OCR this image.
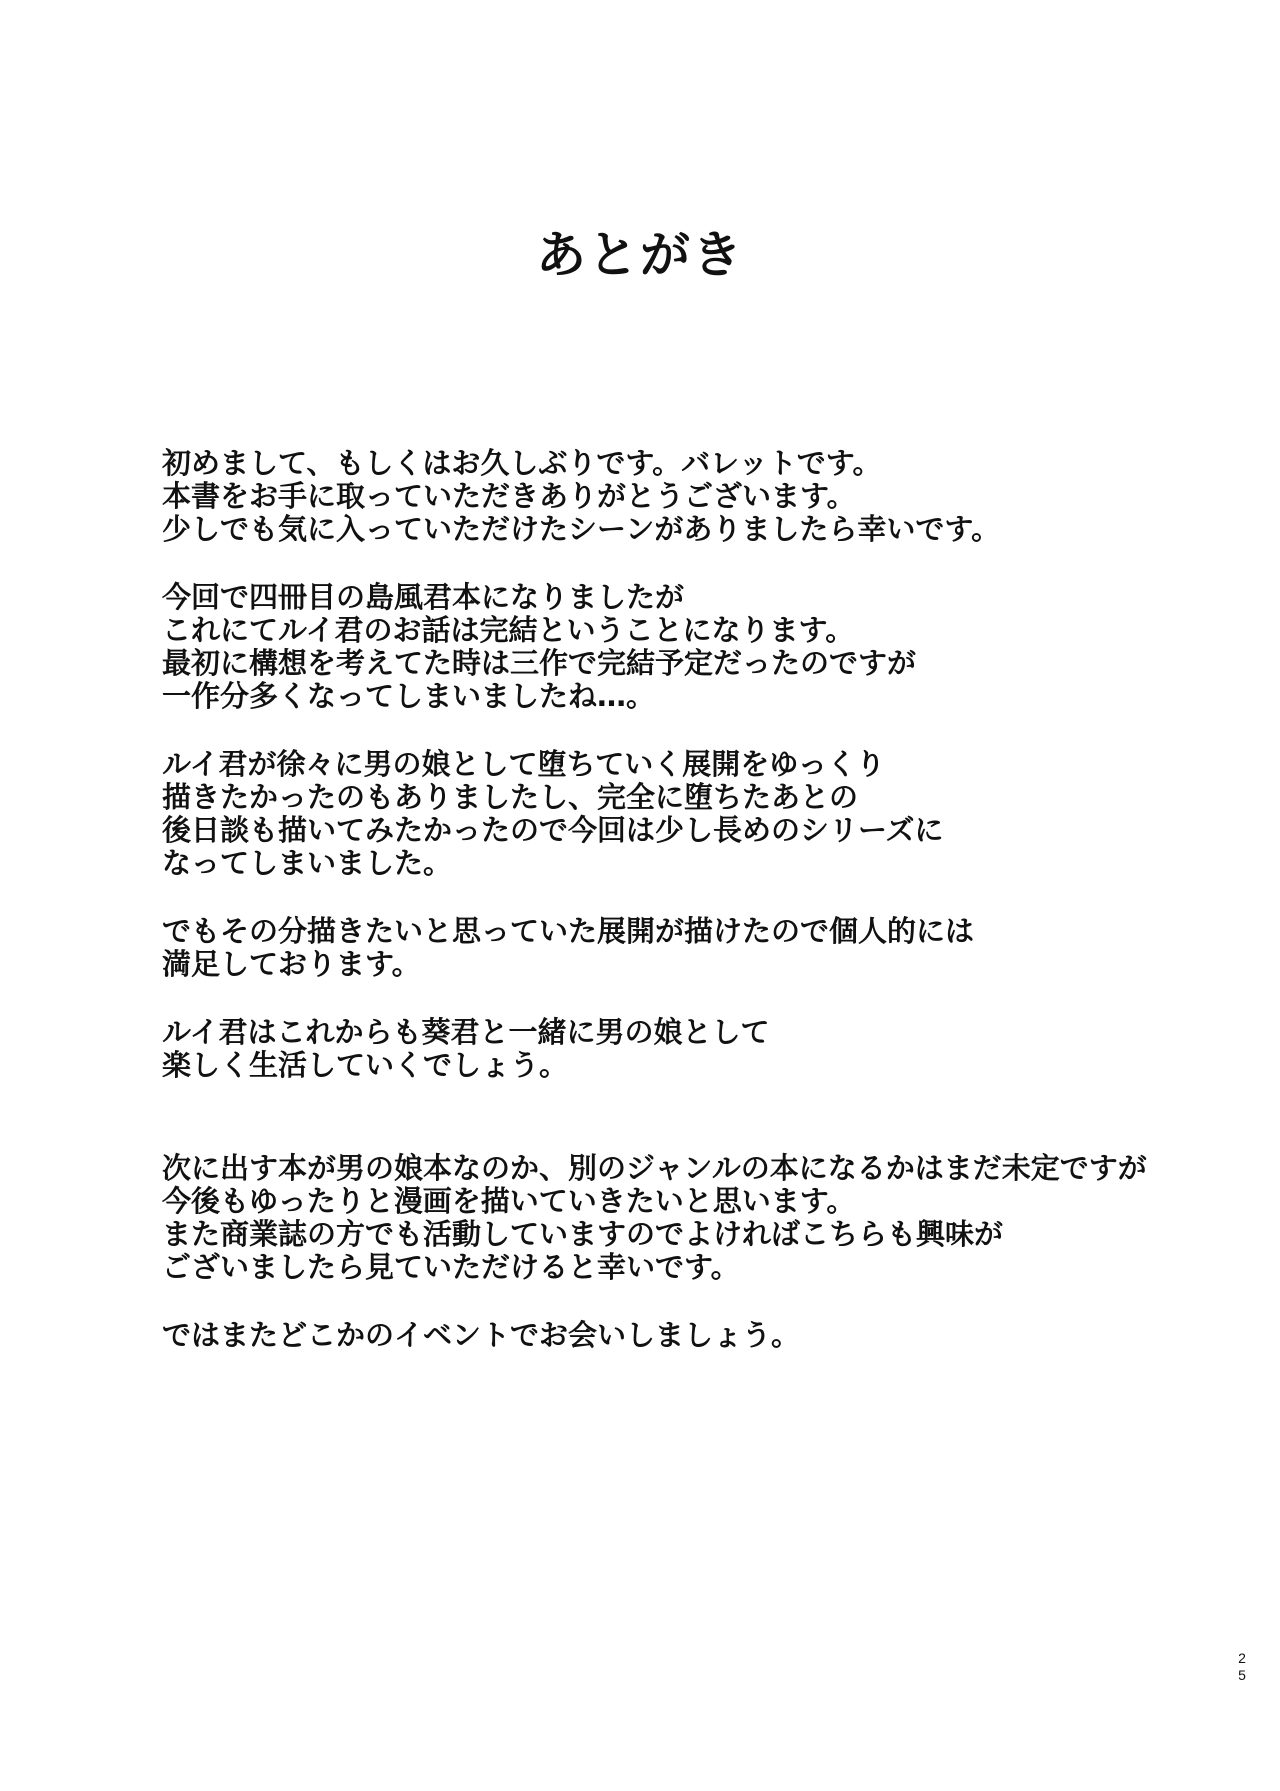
あとがき
初めまして、もしくはお久しぶりです。バレットです。
本書をお手に取っていただきありがとうございます。
少しでも気に入っていただけたシーンがありましたら幸いです。
今回で四冊目の島風君本になりましたが
これにてルイ君のお話は完結ということになります。
最初に構想を考えてた時は三作で完結予定だったのですが
一作分多くなってしまいましたね…。
ルイ君が徐々に男の娘として堕ちていく展開をゆっくり
描きたかったのもありましたし、完全に堕ちたあとの
後日談も描いてみたかったので今回は少し長めのシリーズに
なってしまいました。
でもその分描きたいと思っていた展開が描けたので個人的には
満足しております。
ルイ君はこれからも葵君と一緒に男の娘として
楽しく生活していくでしょう。
次に出す本が男の娘本なのか、別のジャンルの本になるかはまだ未定ですが
今後もゆったりと漫画を描いていきたいと思います。
また商業誌の方でも活動していますのでよければこちらも興味が
ございましたら見ていただけると幸いです。
ではまたどこかのイベントでお会いしましょう。
2
5
